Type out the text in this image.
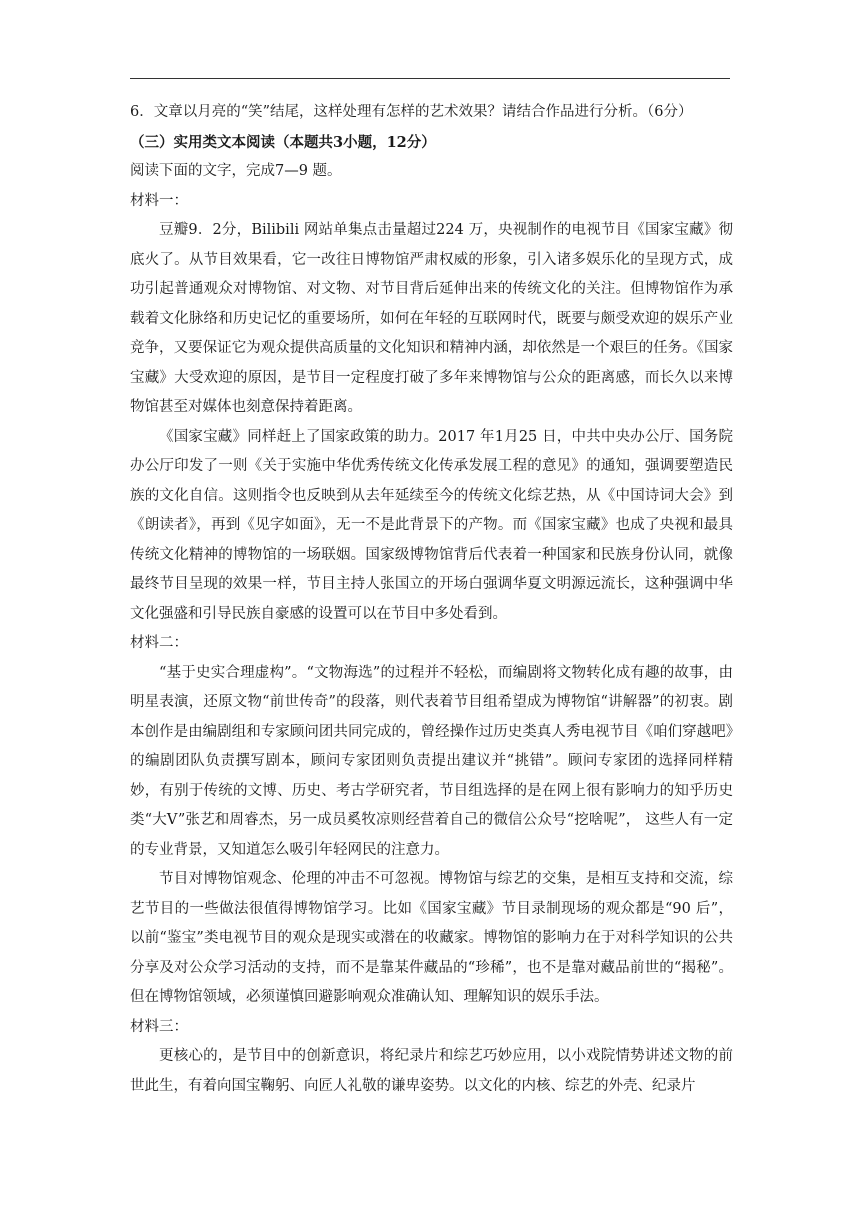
6．文章以月亮的“笑”结尾，这样处理有怎样的艺术效果？请结合作品进行分析。（6分）

（三）实用类文本阅读（本题共3小题，12分）

阅读下面的文字，完成7—9 题。

材料一：

豆瓣9．2分，Bilibili 网站单集点击量超过224 万，央视制作的电视节目《国家宝藏》彻底火了。从节目效果看，它一改往日博物馆严肃权威的形象，引入诸多娱乐化的呈现方式，成功引起普通观众对博物馆、对文物、对节目背后延伸出来的传统文化的关注。但博物馆作为承载着文化脉络和历史记忆的重要场所，如何在年轻的互联网时代，既要与颇受欢迎的娱乐产业竞争，又要保证它为观众提供高质量的文化知识和精神内涵，却依然是一个艰巨的任务。《国家宝藏》大受欢迎的原因，是节目一定程度打破了多年来博物馆与公众的距离感，而长久以来博物馆甚至对媒体也刻意保持着距离。

《国家宝藏》同样赶上了国家政策的助力。2017 年1月25 日，中共中央办公厅、国务院办公厅印发了一则《关于实施中华优秀传统文化传承发展工程的意见》的通知，强调要塑造民族的文化自信。这则指令也反映到从去年延续至今的传统文化综艺热，从《中国诗词大会》到《朗读者》，再到《见字如面》，无一不是此背景下的产物。而《国家宝藏》也成了央视和最具传统文化精神的博物馆的一场联姻。国家级博物馆背后代表着一种国家和民族身份认同，就像最终节目呈现的效果一样，节目主持人张国立的开场白强调华夏文明源远流长，这种强调中华文化强盛和引导民族自豪感的设置可以在节目中多处看到。

材料二：

“基于史实合理虚构”。“文物海选”的过程并不轻松，而编剧将文物转化成有趣的故事，由明星表演，还原文物“前世传奇”的段落，则代表着节目组希望成为博物馆“讲解器”的初衷。剧本创作是由编剧组和专家顾问团共同完成的，曾经操作过历史类真人秀电视节目《咱们穿越吧》的编剧团队负责撰写剧本，顾问专家团则负责提出建议并“挑错”。顾问专家团的选择同样精妙，有别于传统的文博、历史、考古学研究者，节目组选择的是在网上很有影响力的知乎历史类“大V”张艺和周睿杰，另一成员奚牧凉则经营着自己的微信公众号“挖啥呢”， 这些人有一定的专业背景，又知道怎么吸引年轻网民的注意力。

节目对博物馆观念、伦理的冲击不可忽视。博物馆与综艺的交集，是相互支持和交流，综艺节目的一些做法很值得博物馆学习。比如《国家宝藏》节目录制现场的观众都是“90 后”，以前“鉴宝”类电视节目的观众是现实或潜在的收藏家。博物馆的影响力在于对科学知识的公共分享及对公众学习活动的支持，而不是靠某件藏品的“珍稀”，也不是靠对藏品前世的“揭秘”。但在博物馆领域，必须谨慎回避影响观众准确认知、理解知识的娱乐手法。

材料三：

更核心的，是节目中的创新意识，将纪录片和综艺巧妙应用，以小戏院情势讲述文物的前世此生，有着向国宝鞠躬、向匠人礼敬的谦卑姿势。以文化的内核、综艺的外壳、纪录片
